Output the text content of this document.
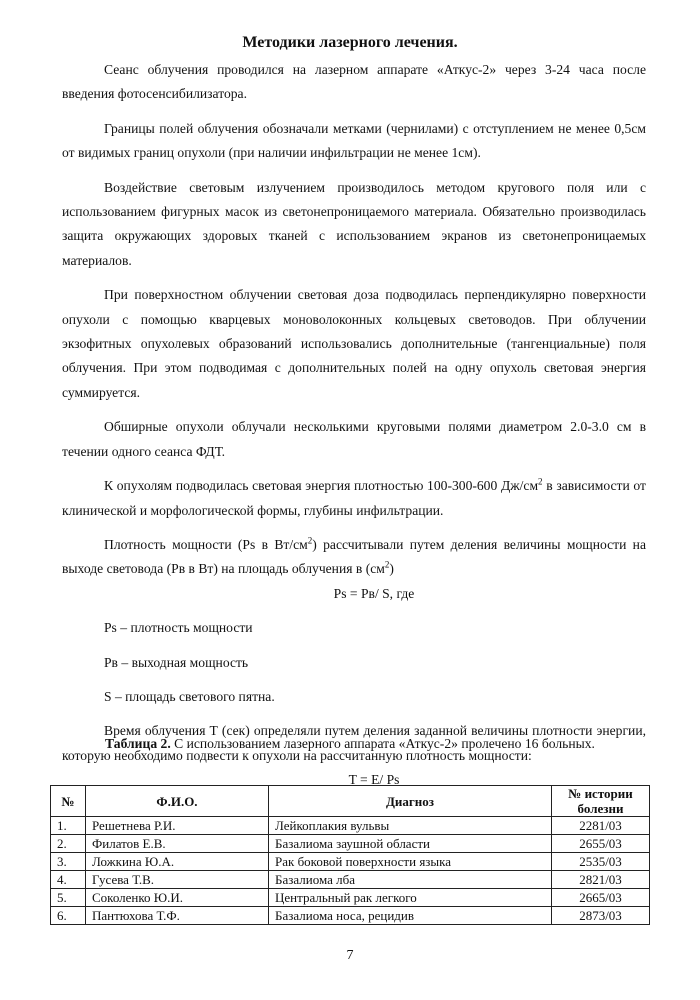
Методики лазерного лечения.

Сеанс облучения проводился на лазерном аппарате «Аткус-2» через 3-24 часа после введения фотосенсибилизатора.

Границы полей облучения обозначали метками (чернилами) с отступлением не менее 0,5см от видимых границ опухоли (при наличии инфильтрации не менее 1см).

Воздействие световым излучением производилось методом кругового поля или с использованием фигурных масок из светонепроницаемого материала. Обязательно производилась защита окружающих здоровых тканей с использованием экранов из светонепроницаемых материалов.

При поверхностном облучении световая доза подводилась перпендикулярно поверхности опухоли с помощью кварцевых моноволоконных кольцевых световодов. При облучении экзофитных опухолевых образований использовались дополнительные (тангенциальные) поля облучения. При этом подводимая с дополнительных полей на одну опухоль световая энергия суммируется.

Обширные опухоли облучали несколькими круговыми полями диаметром 2.0-3.0 см в течении одного сеанса ФДТ.

К опухолям подводилась световая энергия плотностью 100-300-600 $Дж/см^2$ в зависимости от клинической и морфологической формы, глубины инфильтрации.

Плотность мощности (Ps в $Вт/см^2$) рассчитывали путем деления величины мощности на выходе световода (Рв в Вт) на площадь облучения в $(см^2)$

Ps = Pв/ S, где

Ps – плотность мощности

Pв – выходная мощность

S – площадь светового пятна.

Время облучения Т (сек) определяли путем деления заданной величины плотности энергии, которую необходимо подвести к опухоли на рассчитанную плотность мощности:

T = E/ Ps

Таблица 2. С использованием лазерного аппарата «Аткус-2» пролечено 16 больных.
№	Ф.И.О.	Диагноз	№ истории болезни
1.	Решетнева Р.И.	Лейкоплакия вульвы	2281/03
2.	Филатов Е.В.	Базалиома заушной области	2655/03
3.	Ложкина Ю.А.	Рак боковой поверхности языка	2535/03
4.	Гусева Т.В.	Базалиома лба	2821/03
5.	Соколенко Ю.И.	Центральный рак легкого	2665/03
6.	Пантюхова Т.Ф.	Базалиома носа, рецидив	2873/03
7
